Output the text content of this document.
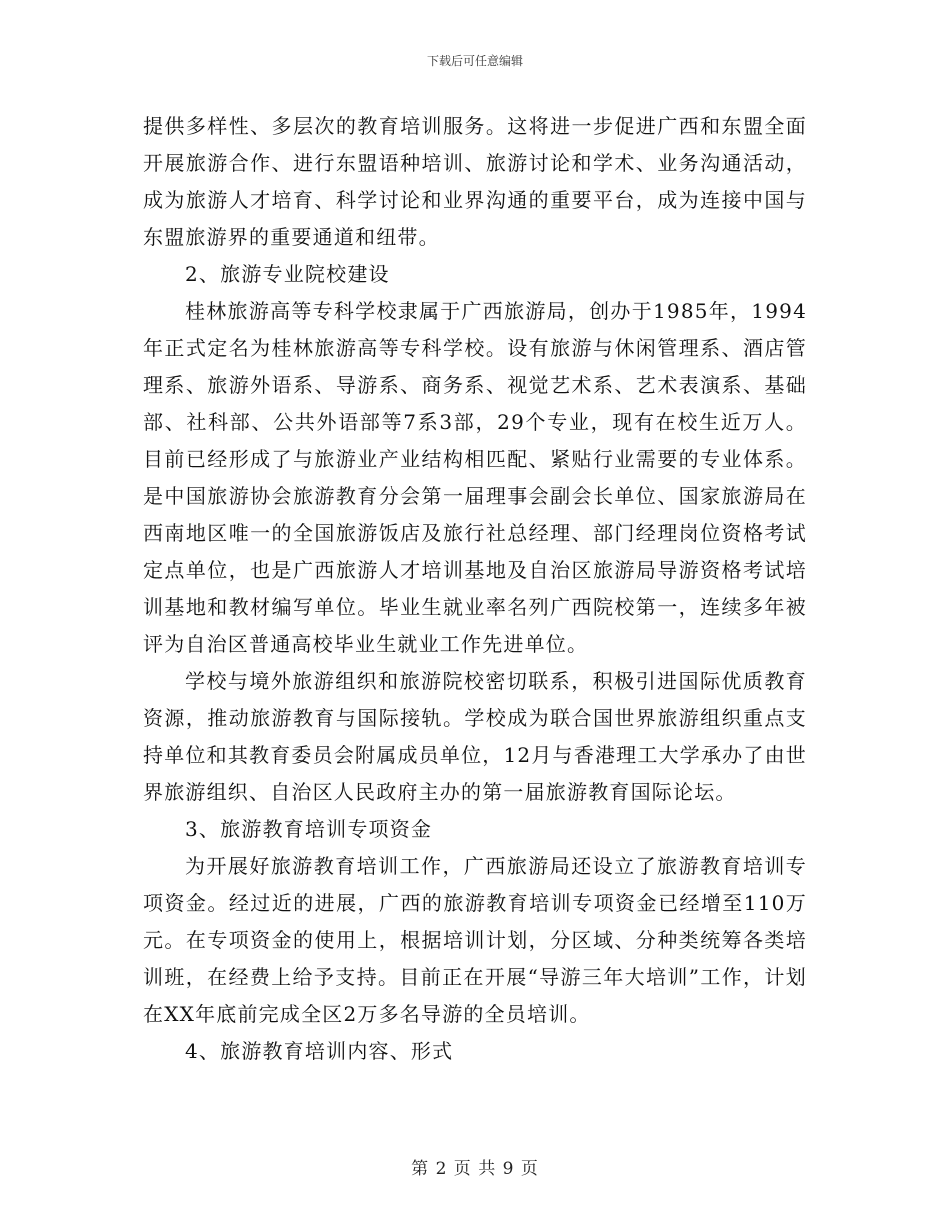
下载后可任意编辑

提供多样性、多层次的教育培训服务。这将进一步促进广西和东盟全面开展旅游合作、进行东盟语种培训、旅游讨论和学术、业务沟通活动，成为旅游人才培育、科学讨论和业界沟通的重要平台，成为连接中国与东盟旅游界的重要通道和纽带。

2、旅游专业院校建设

桂林旅游高等专科学校隶属于广西旅游局，创办于1985年，1994年正式定名为桂林旅游高等专科学校。设有旅游与休闲管理系、酒店管理系、旅游外语系、导游系、商务系、视觉艺术系、艺术表演系、基础部、社科部、公共外语部等7系3部，29个专业，现有在校生近万人。目前已经形成了与旅游业产业结构相匹配、紧贴行业需要的专业体系。是中国旅游协会旅游教育分会第一届理事会副会长单位、国家旅游局在西南地区唯一的全国旅游饭店及旅行社总经理、部门经理岗位资格考试定点单位，也是广西旅游人才培训基地及自治区旅游局导游资格考试培训基地和教材编写单位。毕业生就业率名列广西院校第一，连续多年被评为自治区普通高校毕业生就业工作先进单位。

学校与境外旅游组织和旅游院校密切联系，积极引进国际优质教育资源，推动旅游教育与国际接轨。学校成为联合国世界旅游组织重点支持单位和其教育委员会附属成员单位，12月与香港理工大学承办了由世界旅游组织、自治区人民政府主办的第一届旅游教育国际论坛。

3、旅游教育培训专项资金

为开展好旅游教育培训工作，广西旅游局还设立了旅游教育培训专项资金。经过近的进展，广西的旅游教育培训专项资金已经增至110万元。在专项资金的使用上，根据培训计划，分区域、分种类统筹各类培训班，在经费上给予支持。目前正在开展“导游三年大培训”工作，计划在XX年底前完成全区2万多名导游的全员培训。

4、旅游教育培训内容、形式

第 2 页 共 9 页
